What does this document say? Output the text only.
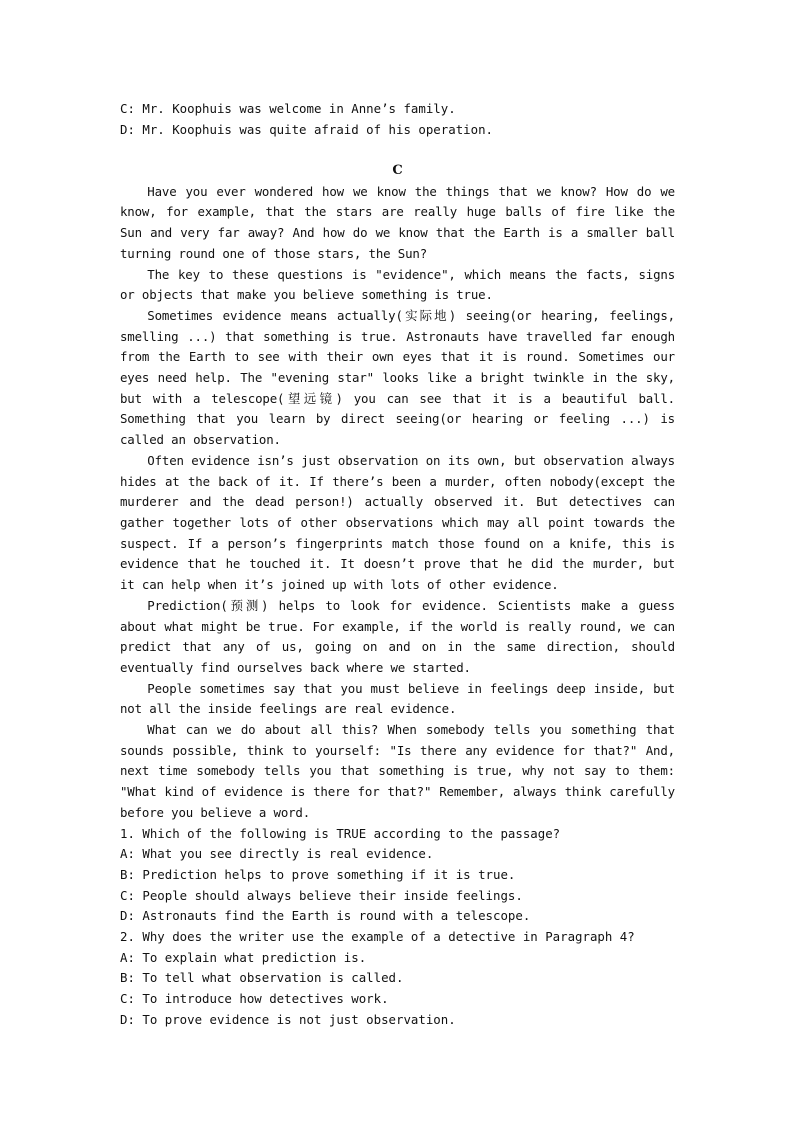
C: Mr. Koophuis was welcome in Anne’s family.
D: Mr. Koophuis was quite afraid of his operation.
C

Have you ever wondered how we know the things that we know? How do we know, for example, that the stars are really huge balls of fire like the Sun and very far away? And how do we know that the Earth is a smaller ball turning round one of those stars, the Sun?

The key to these questions is "evidence", which means the facts, signs or objects that make you believe something is true.

Sometimes evidence means actually(实际地) seeing(or hearing, feelings, smelling ...) that something is true. Astronauts have travelled far enough from the Earth to see with their own eyes that it is round. Sometimes our eyes need help. The "evening star" looks like a bright twinkle in the sky, but with a telescope(望远镜) you can see that it is a beautiful ball. Something that you learn by direct seeing(or hearing or feeling ...) is called an observation.

Often evidence isn’s just observation on its own, but observation always hides at the back of it. If there’s been a murder, often nobody(except the murderer and the dead person!) actually observed it. But detectives can gather together lots of other observations which may all point towards the suspect. If a person’s fingerprints match those found on a knife, this is evidence that he touched it. It doesn’t prove that he did the murder, but it can help when it’s joined up with lots of other evidence.

Prediction(预测) helps to look for evidence. Scientists make a guess about what might be true. For example, if the world is really round, we can predict that any of us, going on and on in the same direction, should eventually find ourselves back where we started.

People sometimes say that you must believe in feelings deep inside, but not all the inside feelings are real evidence.

What can we do about all this? When somebody tells you something that sounds possible, think to yourself: "Is there any evidence for that?" And, next time somebody tells you that something is true, why not say to them: "What kind of evidence is there for that?" Remember, always think carefully before you believe a word.

1. Which of the following is TRUE according to the passage?
A: What you see directly is real evidence.
B: Prediction helps to prove something if it is true.
C: People should always believe their inside feelings.
D: Astronauts find the Earth is round with a telescope.
2. Why does the writer use the example of a detective in Paragraph 4?
A: To explain what prediction is.
B: To tell what observation is called.
C: To introduce how detectives work.
D: To prove evidence is not just observation.
